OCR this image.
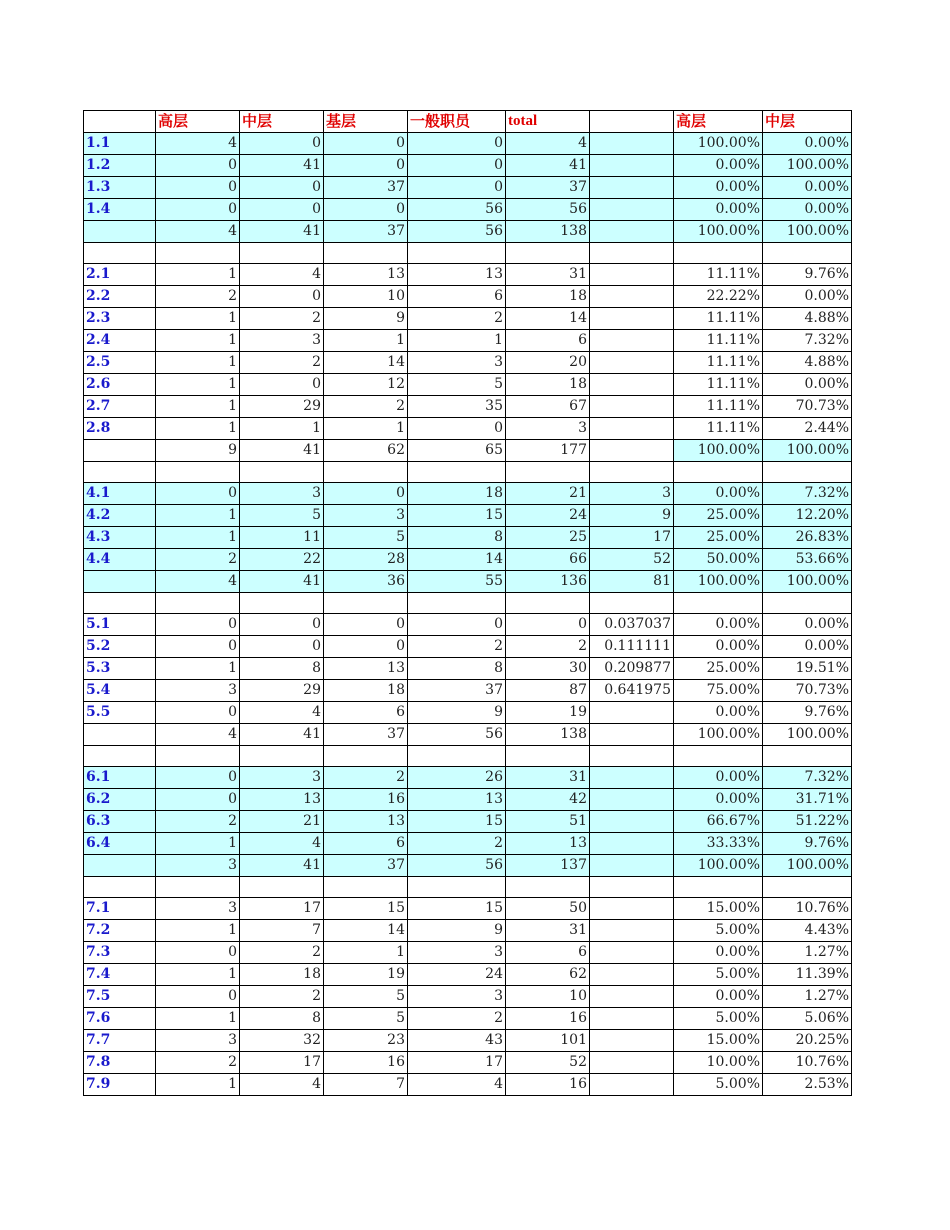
	高层	中层	基层	一般职员	total		高层	中层
1.1	4	0	0	0	4		100.00%	0.00%
1.2	0	41	0	0	41		0.00%	100.00%
1.3	0	0	37	0	37		0.00%	0.00%
1.4	0	0	0	56	56		0.00%	0.00%
	4	41	37	56	138		100.00%	100.00%

2.1	1	4	13	13	31		11.11%	9.76%
2.2	2	0	10	6	18		22.22%	0.00%
2.3	1	2	9	2	14		11.11%	4.88%
2.4	1	3	1	1	6		11.11%	7.32%
2.5	1	2	14	3	20		11.11%	4.88%
2.6	1	0	12	5	18		11.11%	0.00%
2.7	1	29	2	35	67		11.11%	70.73%
2.8	1	1	1	0	3		11.11%	2.44%
	9	41	62	65	177		100.00%	100.00%

4.1	0	3	0	18	21	3	0.00%	7.32%
4.2	1	5	3	15	24	9	25.00%	12.20%
4.3	1	11	5	8	25	17	25.00%	26.83%
4.4	2	22	28	14	66	52	50.00%	53.66%
	4	41	36	55	136	81	100.00%	100.00%

5.1	0	0	0	0	0	0.037037	0.00%	0.00%
5.2	0	0	0	2	2	0.111111	0.00%	0.00%
5.3	1	8	13	8	30	0.209877	25.00%	19.51%
5.4	3	29	18	37	87	0.641975	75.00%	70.73%
5.5	0	4	6	9	19		0.00%	9.76%
	4	41	37	56	138		100.00%	100.00%

6.1	0	3	2	26	31		0.00%	7.32%
6.2	0	13	16	13	42		0.00%	31.71%
6.3	2	21	13	15	51		66.67%	51.22%
6.4	1	4	6	2	13		33.33%	9.76%
	3	41	37	56	137		100.00%	100.00%

7.1	3	17	15	15	50		15.00%	10.76%
7.2	1	7	14	9	31		5.00%	4.43%
7.3	0	2	1	3	6		0.00%	1.27%
7.4	1	18	19	24	62		5.00%	11.39%
7.5	0	2	5	3	10		0.00%	1.27%
7.6	1	8	5	2	16		5.00%	5.06%
7.7	3	32	23	43	101		15.00%	20.25%
7.8	2	17	16	17	52		10.00%	10.76%
7.9	1	4	7	4	16		5.00%	2.53%
